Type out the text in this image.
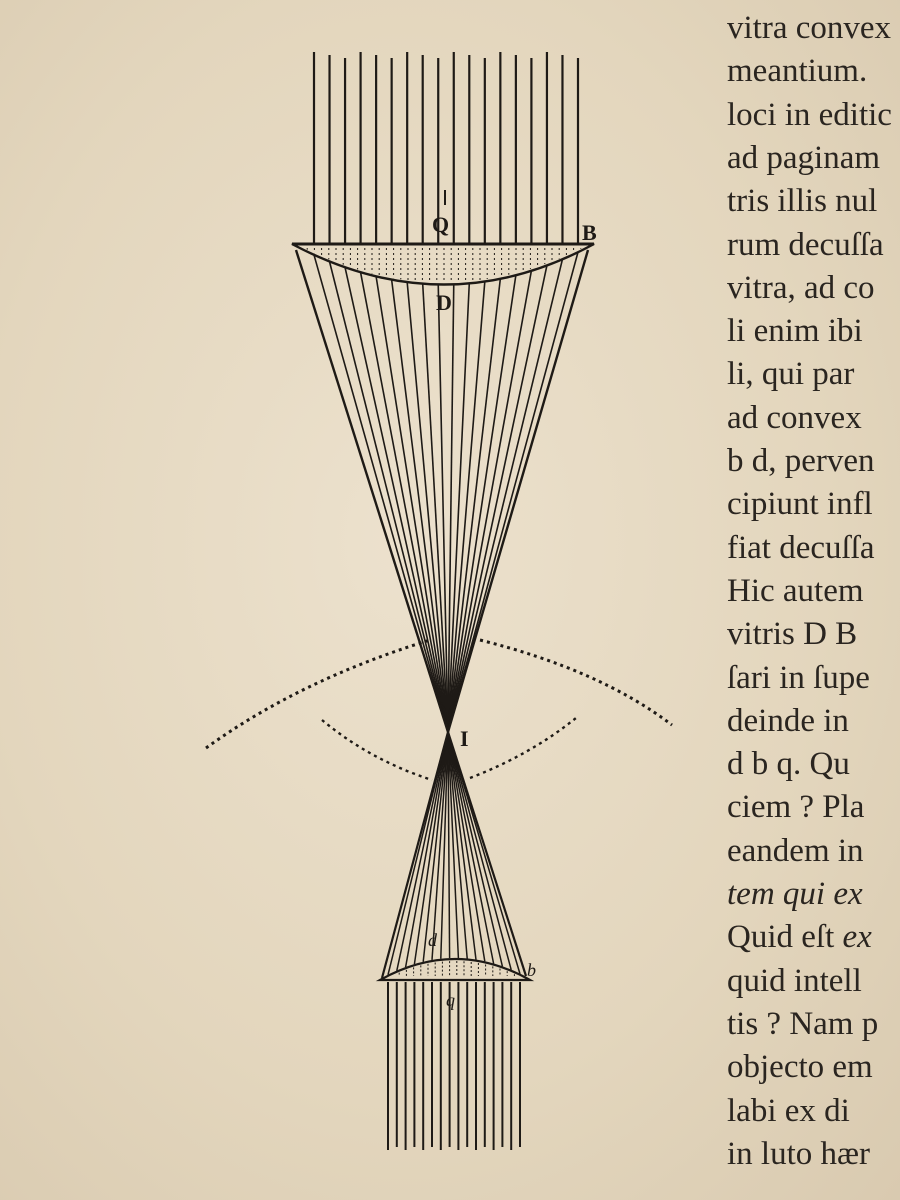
Q	B
D
I
d
b
q
vitra convex
meantium.
loci in editic
ad paginam
tris illis nul
rum decuſſa
vitra, ad co
li enim ibi
li, qui par
ad convex
b d, perven
cipiunt infl
fiat decuſſa
Hic autem
vitris D B
ſari in ſupe
deinde in
d b q. Qu
ciem ? Pla
eandem in
tem qui ex
Quid eſt ex
quid intell
tis ? Nam p
objecto em
labi ex di
in luto hær
